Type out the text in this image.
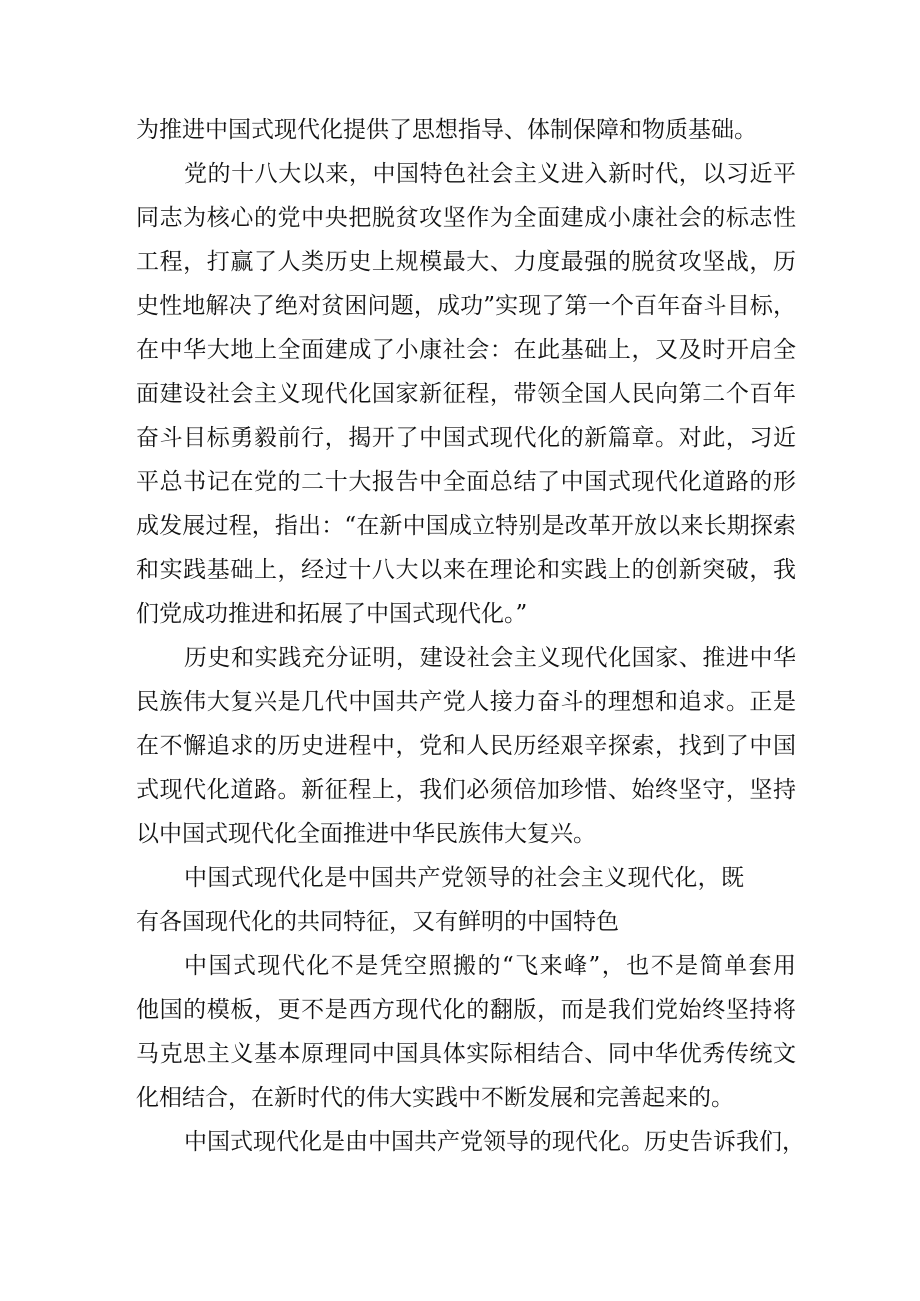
为推进中国式现代化提供了思想指导、体制保障和物质基础。
党的十八大以来，中国特色社会主义进入新时代，以习近平
同志为核心的党中央把脱贫攻坚作为全面建成小康社会的标志性
工程，打赢了人类历史上规模最大、力度最强的脱贫攻坚战，历
史性地解决了绝对贫困问题，成功”实现了第一个百年奋斗目标，
在中华大地上全面建成了小康社会：在此基础上，又及时开启全
面建设社会主义现代化国家新征程，带领全国人民向第二个百年
奋斗目标勇毅前行，揭开了中国式现代化的新篇章。对此，习近
平总书记在党的二十大报告中全面总结了中国式现代化道路的形
成发展过程，指出：“在新中国成立特别是改革开放以来长期探索
和实践基础上，经过十八大以来在理论和实践上的创新突破，我
们党成功推进和拓展了中国式现代化。”
历史和实践充分证明，建设社会主义现代化国家、推进中华
民族伟大复兴是几代中国共产党人接力奋斗的理想和追求。正是
在不懈追求的历史进程中，党和人民历经艰辛探索，找到了中国
式现代化道路。新征程上，我们必须倍加珍惜、始终坚守，坚持
以中国式现代化全面推进中华民族伟大复兴。
中国式现代化是中国共产党领导的社会主义现代化，既
有各国现代化的共同特征，又有鲜明的中国特色
中国式现代化不是凭空照搬的“飞来峰”，也不是简单套用
他国的模板，更不是西方现代化的翻版，而是我们党始终坚持将
马克思主义基本原理同中国具体实际相结合、同中华优秀传统文
化相结合，在新时代的伟大实践中不断发展和完善起来的。
中国式现代化是由中国共产党领导的现代化。历史告诉我们，
